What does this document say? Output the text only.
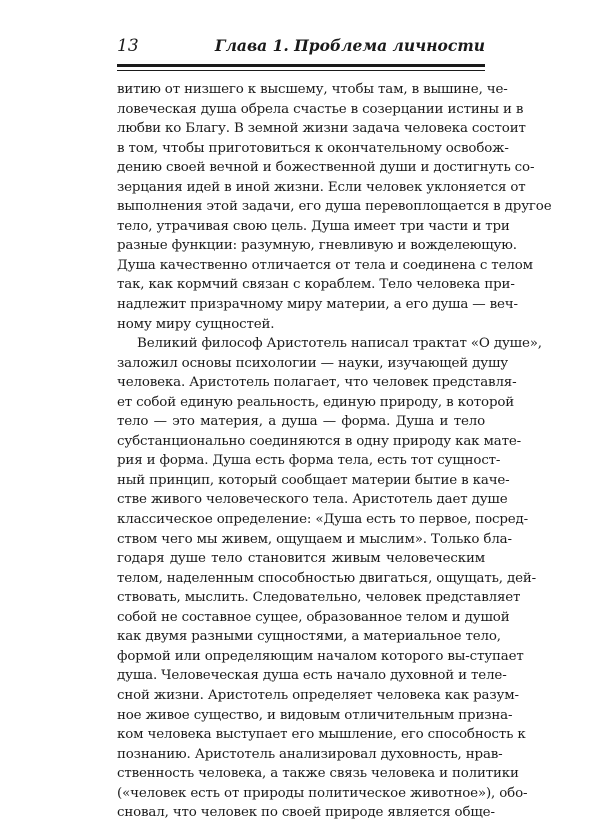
13	Глава 1. Проблема личности
витию от низшего к высшему, чтобы там, в вышине, че-
ловеческая душа обрела счастье в созерцании истины и в
любви ко Благу. В земной жизни задача человека состоит
в том, чтобы приготовиться к окончательному освобож-
дению своей вечной и божественной души и достигнуть со-
зерцания идей в иной жизни. Если человек уклоняется от
выполнения этой задачи, его душа перевоплощается в другое
тело, утрачивая свою цель. Душа имеет три части и три
разные функции: разумную, гневливую и вожделеющую.
Душа качественно отличается от тела и соединена с телом
так, как кормчий связан с кораблем. Тело человека при-
надлежит призрачному миру материи, а его душа — веч-
ному миру сущностей.
Великий философ Аристотель написал трактат «О душе»,
заложил основы психологии — науки, изучающей душу
человека. Аристотель полагает, что человек представля-
ет собой единую реальность, единую природу, в которой
тело — это материя, а душа — форма. Душа и тело
субстанционально соединяются в одну природу как мате-
рия и форма. Душа есть форма тела, есть тот сущност-
ный принцип, который сообщает материи бытие в каче-
стве живого человеческого тела. Аристотель дает душе
классическое определение: «Душа есть то первое, посред-
ством чего мы живем, ощущаем и мыслим». Только бла-
годаря душе тело становится живым человеческим
телом, наделенным способностью двигаться, ощущать, дей-
ствовать, мыслить. Следовательно, человек представляет
собой не составное сущее, образованное телом и душой
как двумя разными сущностями, а материальное тело,
формой или определяющим началом которого вы-ступает
душа. Человеческая душа есть начало духовной и теле-
сной жизни. Аристотель определяет человека как разум-
ное живое существо, и видовым отличительным призна-
ком человека выступает его мышление, его способность к
познанию. Аристотель анализировал духовность, нрав-
ственность человека, а также связь человека и политики
(«человек есть от природы политическое животное»), обо-
сновал, что человек по своей природе является обще-
